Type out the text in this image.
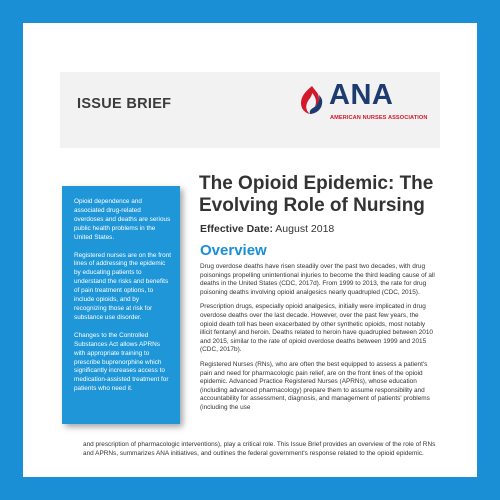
ISSUE BRIEF	ANA
AMERICAN NURSES ASSOCIATION
The Opioid Epidemic: The Evolving Role of Nursing
Effective Date: August 2018
Overview

Opioid dependence and associated drug-related overdoses and deaths are serious public health problems in the United States.

Registered nurses are on the front lines of addressing the epidemic by educating patients to understand the risks and benefits of pain treatment options, to include opioids, and by recognizing those at risk for substance use disorder.

Changes to the Controlled Substances Act allows APRNs with appropriate training to prescribe buprenorphine which significantly increases access to medication-assisted treatment for patients who need it.

Drug overdose deaths have risen steadily over the past two decades, with drug poisonings propelling unintentional injuries to become the third leading cause of all deaths in the United States (CDC, 2017d). From 1999 to 2013, the rate for drug poisoning deaths involving opioid analgesics nearly quadrupled (CDC, 2015).

Prescription drugs, especially opioid analgesics, initially were implicated in drug overdose deaths over the last decade. However, over the past few years, the opioid death toll has been exacerbated by other synthetic opioids, most notably illicit fentanyl and heroin. Deaths related to heroin have quadrupled between 2010 and 2015, similar to the rate of opioid overdose deaths between 1999 and 2015 (CDC, 2017b).

Registered Nurses (RNs), who are often the best equipped to assess a patient's pain and need for pharmacologic pain relief, are on the front lines of the opioid epidemic. Advanced Practice Registered Nurses (APRNs), whose education (including advanced pharmacology) prepare them to assume responsibility and accountability for assessment, diagnosis, and management of patients' problems (including the use

and prescription of pharmacologic interventions), play a critical role. This Issue Brief provides an overview of the role of RNs and APRNs, summarizes ANA initiatives, and outlines the federal government's response related to the opioid epidemic.
